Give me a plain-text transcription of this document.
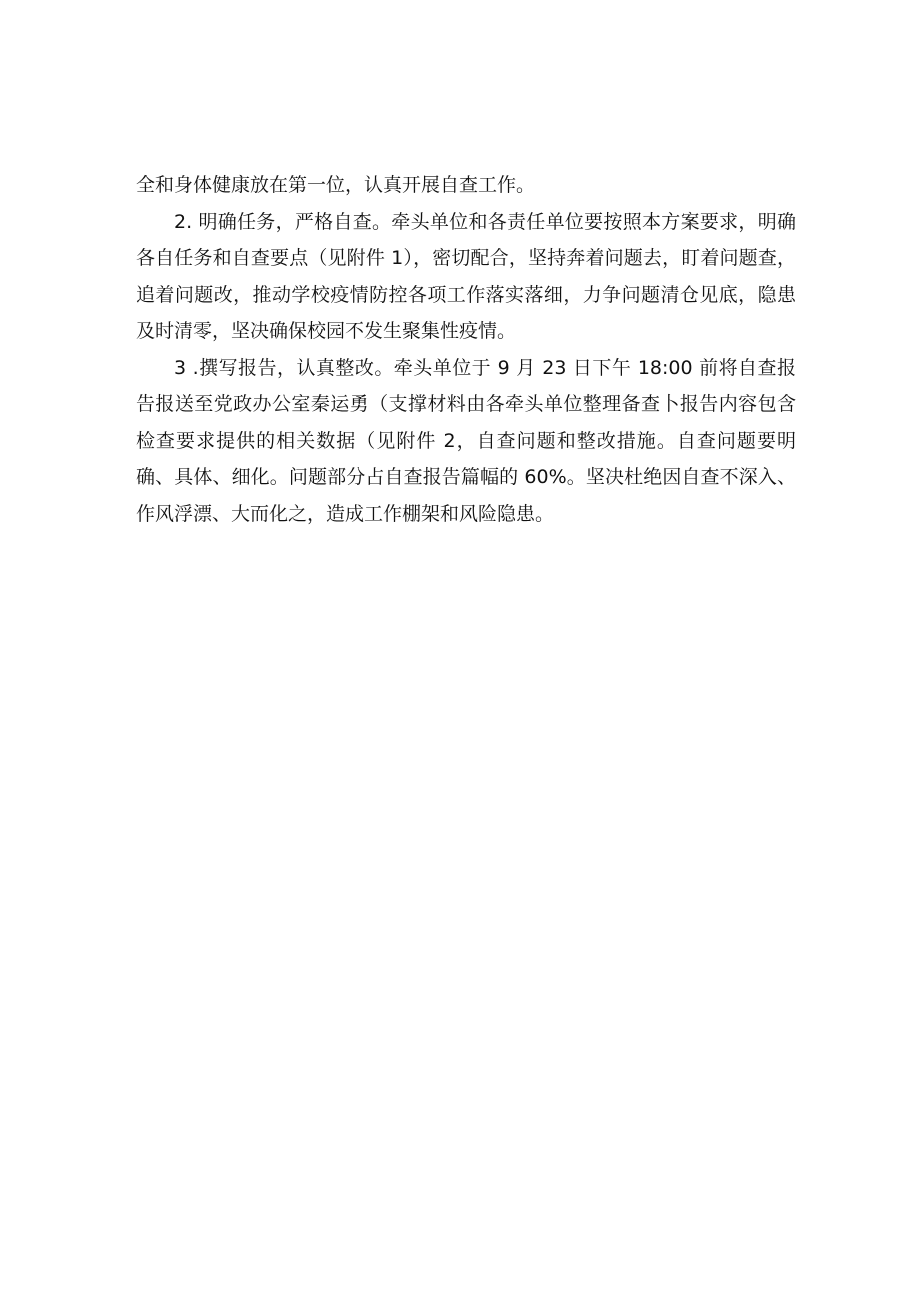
全和身体健康放在第一位，认真开展自查工作。

2. 明确任务，严格自查。牵头单位和各责任单位要按照本方案要求，明确各自任务和自查要点（见附件 1），密切配合，坚持奔着问题去，盯着问题查，追着问题改，推动学校疫情防控各项工作落实落细，力争问题清仓见底，隐患及时清零，坚决确保校园不发生聚集性疫情。

3 .撰写报告，认真整改。牵头单位于 9 月 23 日下午 18:00 前将自查报告报送至党政办公室秦运勇（支撑材料由各牵头单位整理备查卜报告内容包含检查要求提供的相关数据（见附件 2，自查问题和整改措施。自查问题要明确、具体、细化。问题部分占自查报告篇幅的 60%。坚决杜绝因自查不深入、作风浮漂、大而化之，造成工作棚架和风险隐患。
